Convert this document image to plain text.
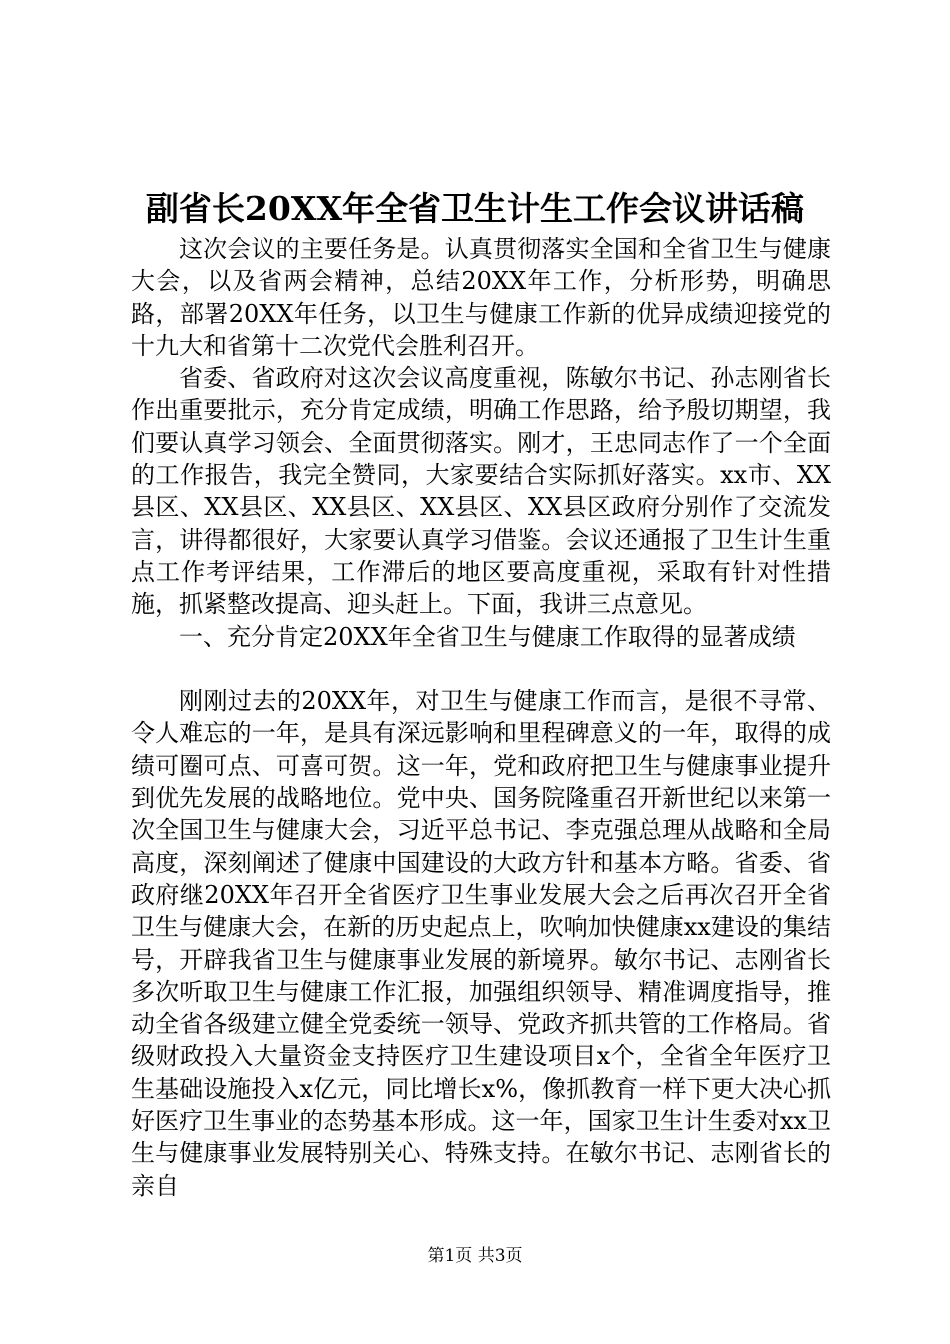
副省长20XX年全省卫生计生工作会议讲话稿

这次会议的主要任务是。认真贯彻落实全国和全省卫生与健康大会，以及省两会精神，总结20XX年工作，分析形势，明确思路，部署20XX年任务，以卫生与健康工作新的优异成绩迎接党的十九大和省第十二次党代会胜利召开。

省委、省政府对这次会议高度重视，陈敏尔书记、孙志刚省长作出重要批示，充分肯定成绩，明确工作思路，给予殷切期望，我们要认真学习领会、全面贯彻落实。刚才，王忠同志作了一个全面的工作报告，我完全赞同，大家要结合实际抓好落实。xx市、XX县区、XX县区、XX县区、XX县区、XX县区政府分别作了交流发言，讲得都很好，大家要认真学习借鉴。会议还通报了卫生计生重点工作考评结果，工作滞后的地区要高度重视，采取有针对性措施，抓紧整改提高、迎头赶上。下面，我讲三点意见。

一、充分肯定20XX年全省卫生与健康工作取得的显著成绩

刚刚过去的20XX年，对卫生与健康工作而言，是很不寻常、令人难忘的一年，是具有深远影响和里程碑意义的一年，取得的成绩可圈可点、可喜可贺。这一年，党和政府把卫生与健康事业提升到优先发展的战略地位。党中央、国务院隆重召开新世纪以来第一次全国卫生与健康大会，习近平总书记、李克强总理从战略和全局高度，深刻阐述了健康中国建设的大政方针和基本方略。省委、省政府继20XX年召开全省医疗卫生事业发展大会之后再次召开全省卫生与健康大会，在新的历史起点上，吹响加快健康xx建设的集结号，开辟我省卫生与健康事业发展的新境界。敏尔书记、志刚省长多次听取卫生与健康工作汇报，加强组织领导、精准调度指导，推动全省各级建立健全党委统一领导、党政齐抓共管的工作格局。省级财政投入大量资金支持医疗卫生建设项目x个，全省全年医疗卫生基础设施投入x亿元，同比增长x%，像抓教育一样下更大决心抓好医疗卫生事业的态势基本形成。这一年，国家卫生计生委对xx卫生与健康事业发展特别关心、特殊支持。在敏尔书记、志刚省长的亲自

第1页 共3页
